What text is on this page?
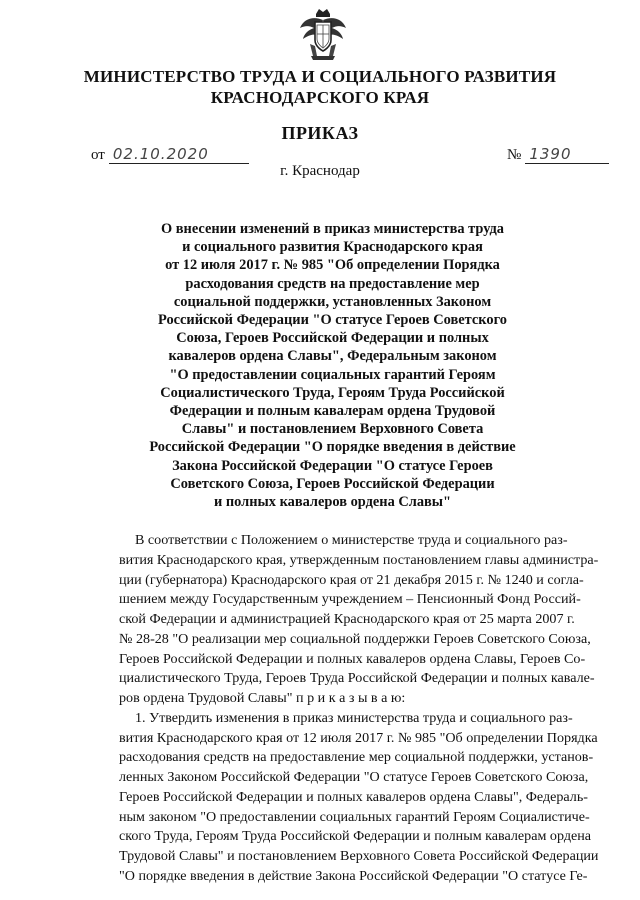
МИНИСТЕРСТВО ТРУДА И СОЦИАЛЬНОГО РАЗВИТИЯ
КРАСНОДАРСКОГО КРАЯ
ПРИКАЗ
от 02.10.2020	№ 1390
г. Краснодар
О внесении изменений в приказ министерства труда
и социального развития Краснодарского края
от 12 июля 2017 г. № 985 "Об определении Порядка
расходования средств на предоставление мер
социальной поддержки, установленных Законом
Российской Федерации "О статусе Героев Советского
Союза, Героев Российской Федерации и полных
кавалеров ордена Славы", Федеральным законом
"О предоставлении социальных гарантий Героям
Социалистического Труда, Героям Труда Российской
Федерации и полным кавалерам ордена Трудовой
Славы" и постановлением Верховного Совета
Российской Федерации "О порядке введения в действие
Закона Российской Федерации "О статусе Героев
Советского Союза, Героев Российской Федерации
и полных кавалеров ордена Славы"
В соответствии с Положением о министерстве труда и социального раз-
вития Краснодарского края, утвержденным постановлением главы администра-
ции (губернатора) Краснодарского края от 21 декабря 2015 г. № 1240 и согла-
шением между Государственным учреждением – Пенсионный Фонд Россий-
ской Федерации и администрацией Краснодарского края от 25 марта 2007 г.
№ 28-28 "О реализации мер социальной поддержки Героев Советского Союза,
Героев Российской Федерации и полных кавалеров ордена Славы, Героев Со-
циалистического Труда, Героев Труда Российской Федерации и полных кавале-
ров ордена Трудовой Славы" п р и к а з ы в а ю:
1. Утвердить изменения в приказ министерства труда и социального раз-
вития Краснодарского края от 12 июля 2017 г. № 985 "Об определении Порядка
расходования средств на предоставление мер социальной поддержки, установ-
ленных Законом Российской Федерации "О статусе Героев Советского Союза,
Героев Российской Федерации и полных кавалеров ордена Славы", Федераль-
ным законом "О предоставлении социальных гарантий Героям Социалистиче-
ского Труда, Героям Труда Российской Федерации и полным кавалерам ордена
Трудовой Славы" и постановлением Верховного Совета Российской Федерации
"О порядке введения в действие Закона Российской Федерации "О статусе Ге-
